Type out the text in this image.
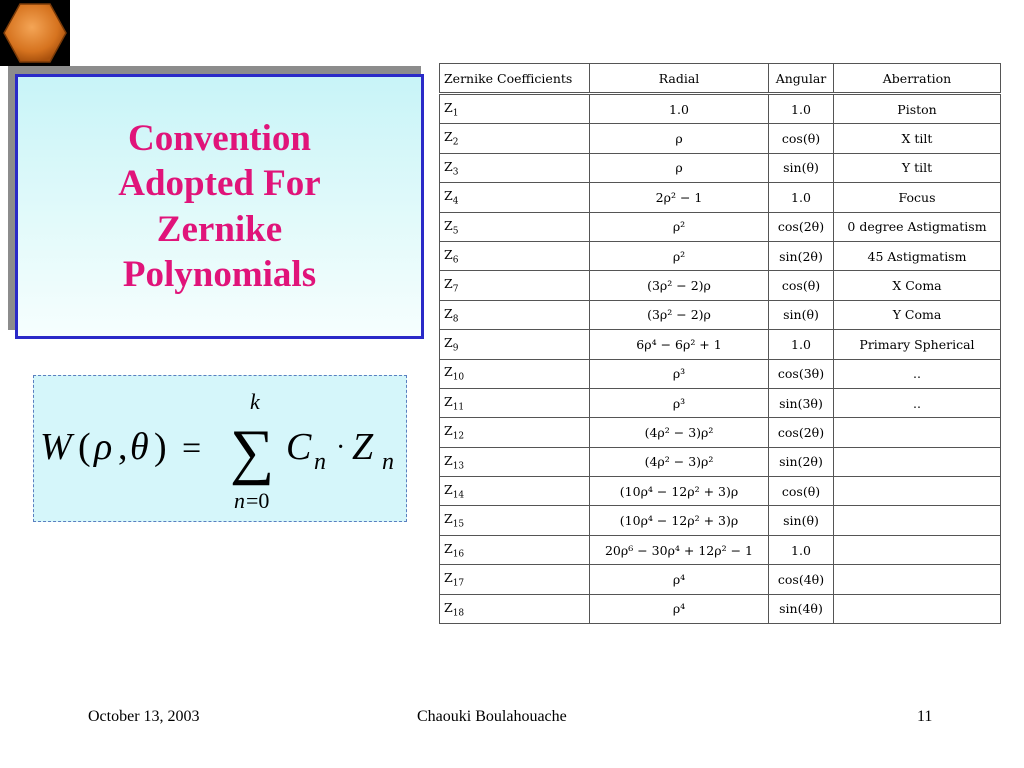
Convention
Adopted For
Zernike
Polynomials
W ( ρ , θ ) =
k
∑
n =0
C n · Z n
Zernike Coefficients	Radial	Angular	Aberration
$Z_1$	1.0	1.0	Piston
$Z_2$	ρ	cos(θ)	X tilt
$Z_3$	ρ	sin(θ)	Y tilt
$Z_4$	2ρ² − 1	1.0	Focus
$Z_5$	ρ²	cos(2θ)	0 degree Astigmatism
$Z_6$	ρ²	sin(2θ)	45 Astigmatism
$Z_7$	(3ρ² − 2)ρ	cos(θ)	X Coma
$Z_8$	(3ρ² − 2)ρ	sin(θ)	Y Coma
$Z_9$	6ρ⁴ − 6ρ² + 1	1.0	Primary Spherical
$Z_{10}$	ρ³	cos(3θ)	..
$Z_{11}$	ρ³	sin(3θ)	..
$Z_{12}$	(4ρ² − 3)ρ²	cos(2θ)	
$Z_{13}$	(4ρ² − 3)ρ²	sin(2θ)	
$Z_{14}$	(10ρ⁴ − 12ρ² + 3)ρ	cos(θ)	
$Z_{15}$	(10ρ⁴ − 12ρ² + 3)ρ	sin(θ)	
$Z_{16}$	20ρ⁶ − 30ρ⁴ + 12ρ² − 1	1.0	
$Z_{17}$	ρ⁴	cos(4θ)	
$Z_{18}$	ρ⁴	sin(4θ)	
October 13, 2003	Chaouki Boulahouache	11
